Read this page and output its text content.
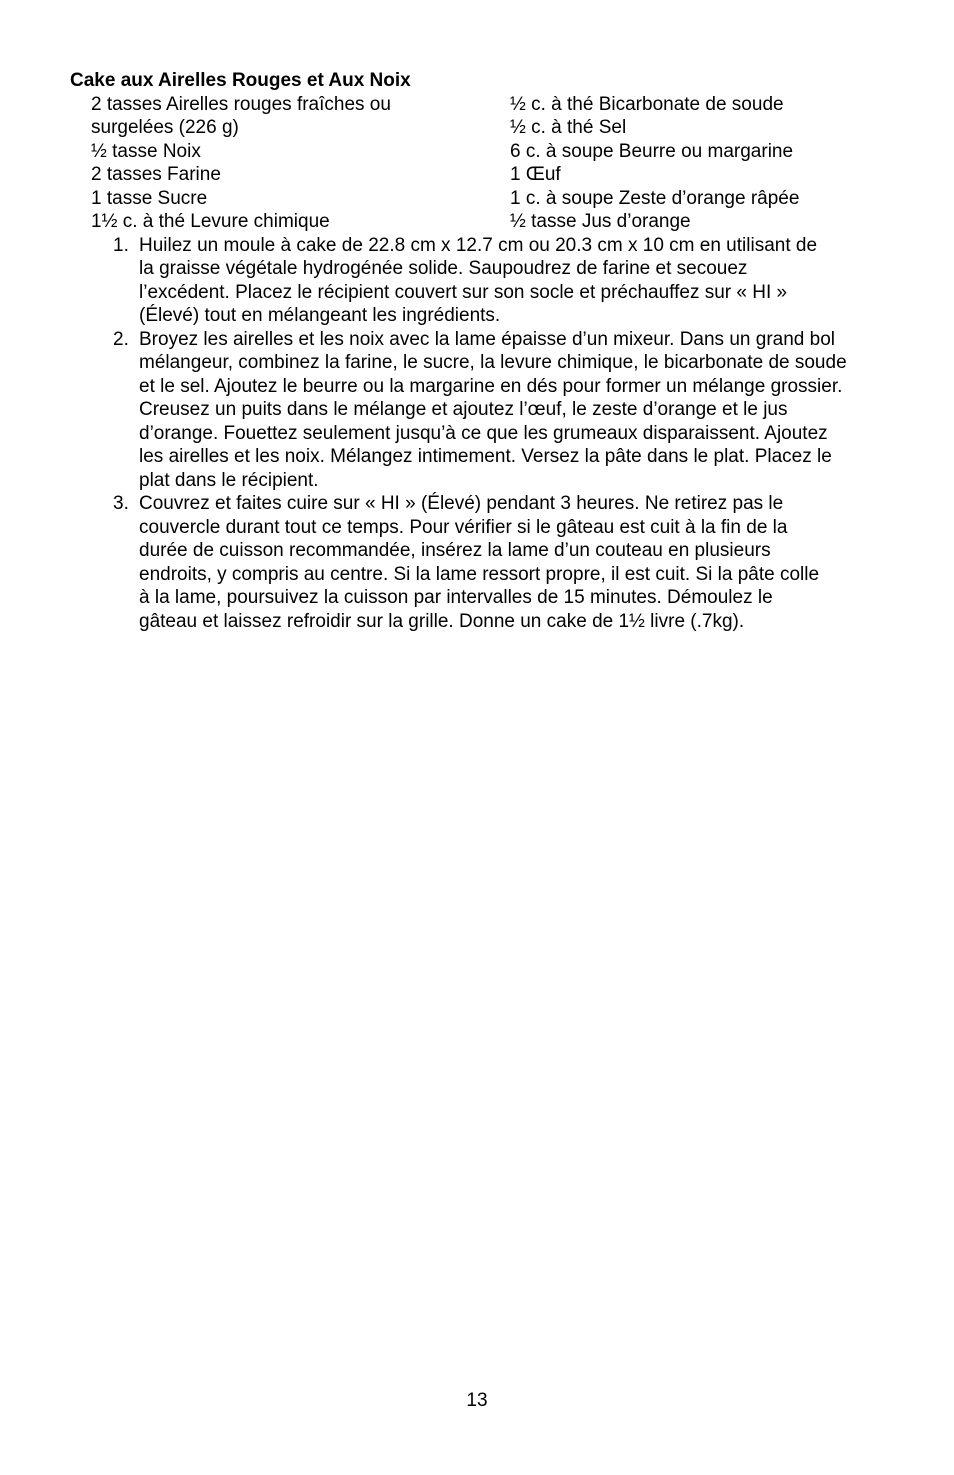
Cake aux Airelles Rouges et Aux Noix

2 tasses Airelles rouges fraîches ou

surgelées (226 g)

½ tasse Noix

2 tasses Farine

1 tasse Sucre

1½ c. à thé Levure chimique

½ c. à thé Bicarbonate de soude

½ c. à thé Sel

6 c. à soupe Beurre ou margarine

1 Œuf

1 c. à soupe Zeste d’orange râpée

½ tasse Jus d’orange

1. Huilez un moule à cake de 22.8 cm x 12.7 cm ou 20.3 cm x 10 cm en utilisant de
la graisse végétale hydrogénée solide. Saupoudrez de farine et secouez
l’excédent. Placez le récipient couvert sur son socle et préchauffez sur « HI »
(Élevé) tout en mélangeant les ingrédients.
2. Broyez les airelles et les noix avec la lame épaisse d’un mixeur. Dans un grand bol
mélangeur, combinez la farine, le sucre, la levure chimique, le bicarbonate de soude
et le sel. Ajoutez le beurre ou la margarine en dés pour former un mélange grossier.
Creusez un puits dans le mélange et ajoutez l’œuf, le zeste d’orange et le jus
d’orange. Fouettez seulement jusqu’à ce que les grumeaux disparaissent. Ajoutez
les airelles et les noix. Mélangez intimement. Versez la pâte dans le plat. Placez le
plat dans le récipient.
3. Couvrez et faites cuire sur « HI » (Élevé) pendant 3 heures. Ne retirez pas le
couvercle durant tout ce temps. Pour vérifier si le gâteau est cuit à la fin de la
durée de cuisson recommandée, insérez la lame d’un couteau en plusieurs
endroits, y compris au centre. Si la lame ressort propre, il est cuit. Si la pâte colle
à la lame, poursuivez la cuisson par intervalles de 15 minutes. Démoulez le
gâteau et laissez refroidir sur la grille. Donne un cake de 1½ livre (.7kg).
13
